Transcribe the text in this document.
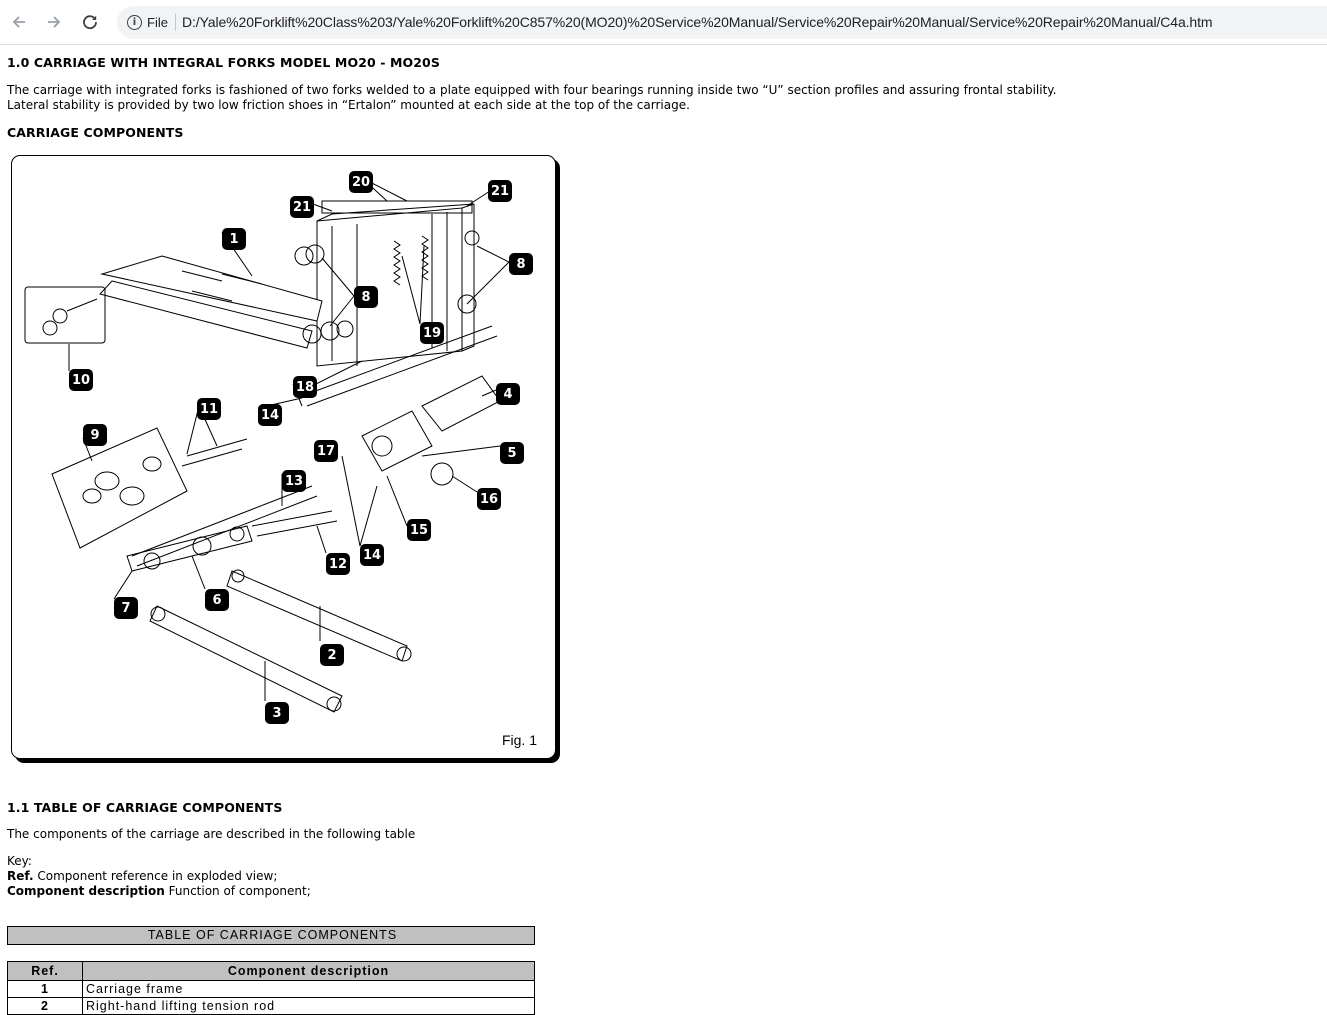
i File D:/Yale%20Forklift%20Class%203/Yale%20Forklift%20C857%20(MO20)%20Service%20Manual/Service%20Repair%20Manual/Service%20Repair%20Manual/C4a.htm
1.0 CARRIAGE WITH INTEGRAL FORKS MODEL MO20 - MO20S
The carriage with integrated forks is fashioned of two forks welded to a plate equipped with four bearings running inside two “U” section profiles and assuring frontal stability.
Lateral stability is provided by two low friction shoes in “Ertalon” mounted at each side at the top of the carriage.
CARRIAGE COMPONENTS
Fig. 1
1
2
3
4
5
6
7
8
8
9
10
11
12
13
14
14
15
16
17
18
19
20
21
21
1.1 TABLE OF CARRIAGE COMPONENTS
The components of the carriage are described in the following table
Key:
Ref. Component reference in exploded view;
Component description Function of component;
TABLE OF CARRIAGE COMPONENTS	

Ref.	Component description
1	Carriage frame
2	Right-hand lifting tension rod
